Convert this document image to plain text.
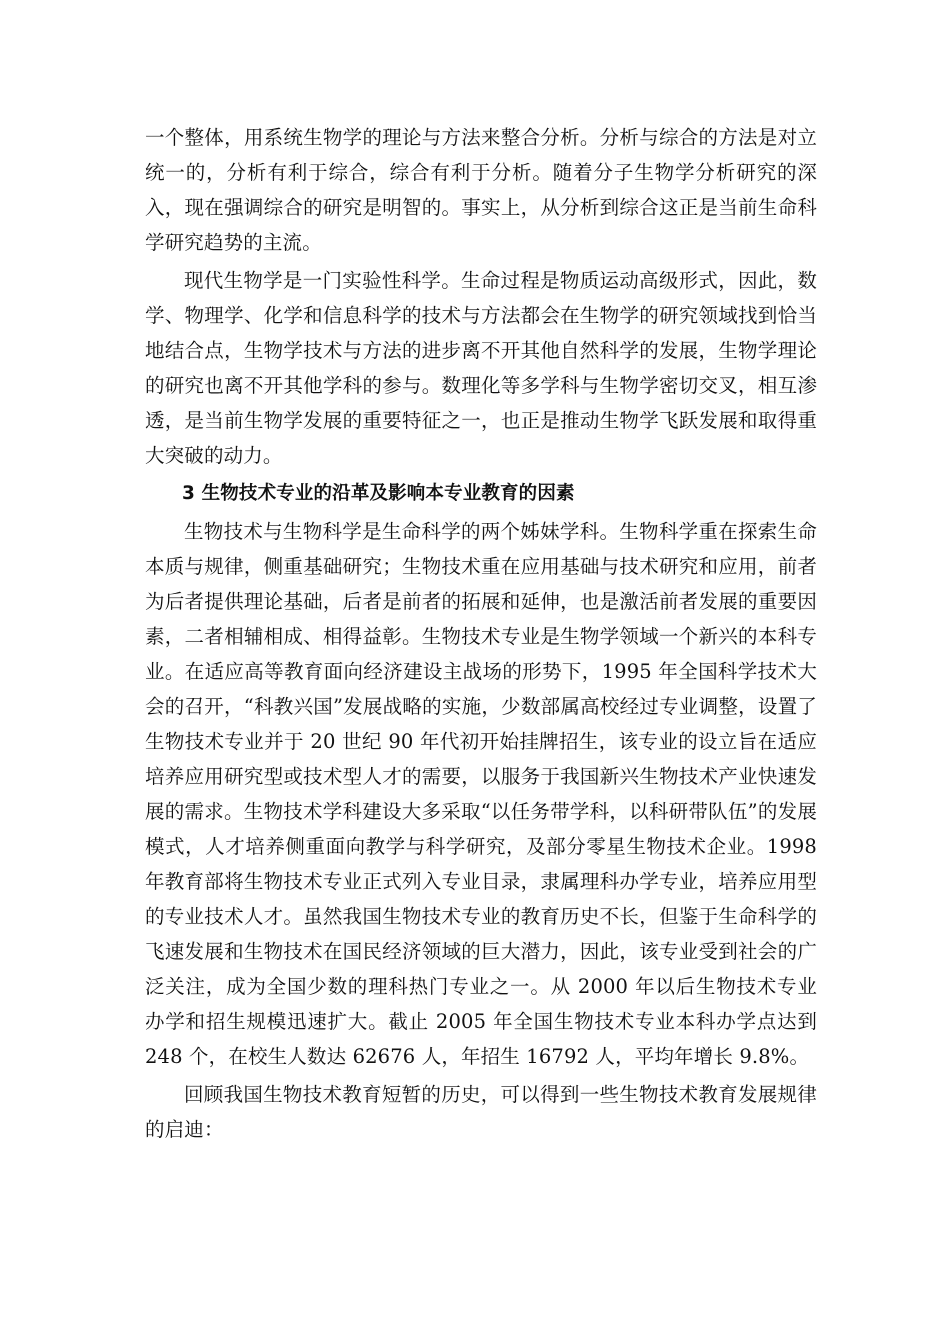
一个整体，用系统生物学的理论与方法来整合分析。分析与综合的方法是对立统一的，分析有利于综合，综合有利于分析。随着分子生物学分析研究的深入，现在强调综合的研究是明智的。事实上，从分析到综合这正是当前生命科学研究趋势的主流。

现代生物学是一门实验性科学。生命过程是物质运动高级形式，因此，数学、物理学、化学和信息科学的技术与方法都会在生物学的研究领域找到恰当地结合点，生物学技术与方法的进步离不开其他自然科学的发展，生物学理论的研究也离不开其他学科的参与。数理化等多学科与生物学密切交叉，相互渗透，是当前生物学发展的重要特征之一，也正是推动生物学飞跃发展和取得重大突破的动力。

3 生物技术专业的沿革及影响本专业教育的因素

生物技术与生物科学是生命科学的两个姊妹学科。生物科学重在探索生命本质与规律，侧重基础研究；生物技术重在应用基础与技术研究和应用，前者为后者提供理论基础，后者是前者的拓展和延伸，也是激活前者发展的重要因素，二者相辅相成、相得益彰。生物技术专业是生物学领域一个新兴的本科专业。在适应高等教育面向经济建设主战场的形势下，1995 年全国科学技术大会的召开，“科教兴国”发展战略的实施，少数部属高校经过专业调整，设置了生物技术专业并于 20 世纪 90 年代初开始挂牌招生，该专业的设立旨在适应培养应用研究型或技术型人才的需要，以服务于我国新兴生物技术产业快速发展的需求。生物技术学科建设大多采取“以任务带学科，以科研带队伍”的发展模式，人才培养侧重面向教学与科学研究，及部分零星生物技术企业。1998 年教育部将生物技术专业正式列入专业目录，隶属理科办学专业，培养应用型的专业技术人才。虽然我国生物技术专业的教育历史不长，但鉴于生命科学的飞速发展和生物技术在国民经济领域的巨大潜力，因此，该专业受到社会的广泛关注，成为全国少数的理科热门专业之一。从 2000 年以后生物技术专业办学和招生规模迅速扩大。截止 2005 年全国生物技术专业本科办学点达到 248 个，在校生人数达 62676 人，年招生 16792 人，平均年增长 9.8%。

回顾我国生物技术教育短暂的历史，可以得到一些生物技术教育发展规律的启迪：
